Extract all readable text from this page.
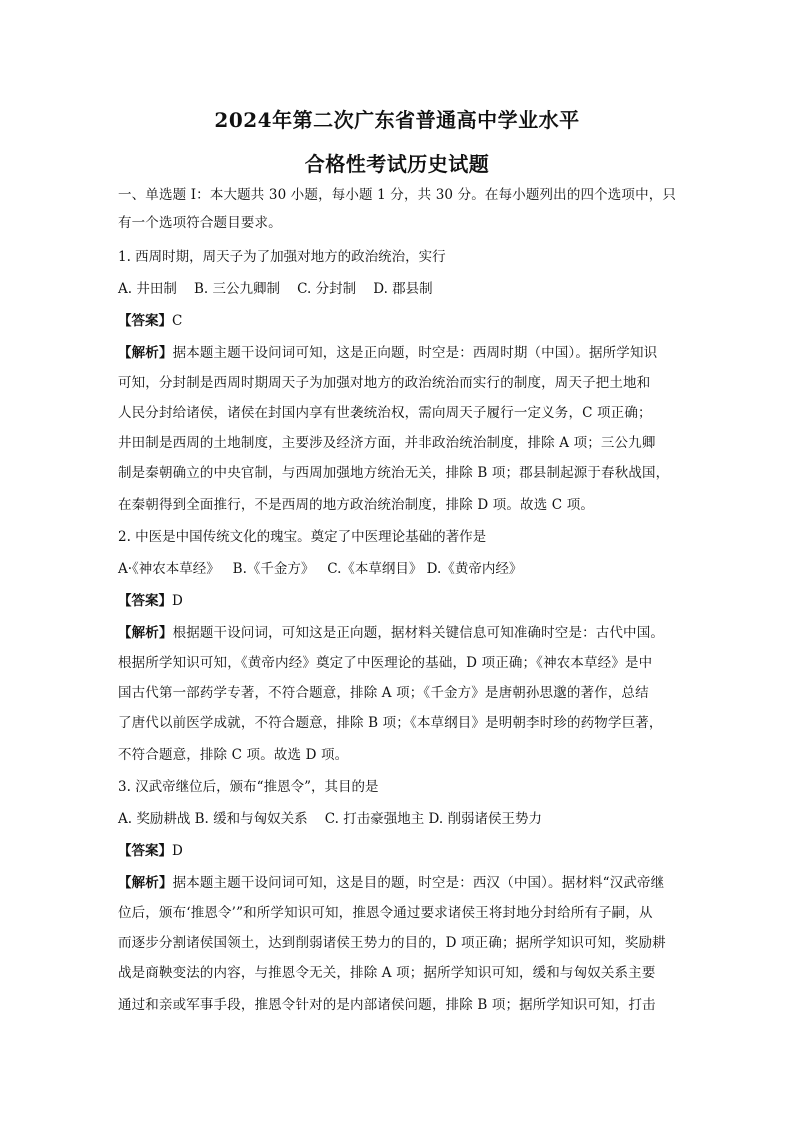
2024年第二次广东省普通高中学业水平
合格性考试历史试题
一、单选题 I：本大题共 30 小题，每小题 1 分，共 30 分。在每小题列出的四个选项中，只
有一个选项符合题目要求。
1. 西周时期，周天子为了加强对地方的政治统治，实行
A. 井田制    B. 三公九卿制    C. 分封制    D. 郡县制
【答案】C
【解析】据本题主题干设问词可知，这是正向题，时空是：西周时期（中国）。据所学知识
可知，分封制是西周时期周天子为加强对地方的政治统治而实行的制度，周天子把土地和
人民分封给诸侯，诸侯在封国内享有世袭统治权，需向周天子履行一定义务，C 项正确；
井田制是西周的土地制度，主要涉及经济方面，并非政治统治制度，排除 A 项；三公九卿
制是秦朝确立的中央官制，与西周加强地方统治无关，排除 B 项；郡县制起源于春秋战国，
在秦朝得到全面推行，不是西周的地方政治统治制度，排除 D 项。故选 C 项。
2. 中医是中国传统文化的瑰宝。奠定了中医理论基础的著作是
A·《神农本草经》   B.《千金方》   C.《本草纲目》 D.《黄帝内经》
【答案】D
【解析】根据题干设问词，可知这是正向题，据材料关键信息可知准确时空是：古代中国。
根据所学知识可知，《黄帝内经》奠定了中医理论的基础，D 项正确；《神农本草经》是中
国古代第一部药学专著，不符合题意，排除 A 项；《千金方》是唐朝孙思邈的著作，总结
了唐代以前医学成就，不符合题意，排除 B 项；《本草纲目》是明朝李时珍的药物学巨著，
不符合题意，排除 C 项。故选 D 项。
3. 汉武帝继位后，颁布“推恩令”，其目的是
A. 奖励耕战 B. 缓和与匈奴关系    C. 打击豪强地主 D. 削弱诸侯王势力
【答案】D
【解析】据本题主题干设问词可知，这是目的题，时空是：西汉（中国）。据材料“汉武帝继
位后，颁布‘推恩令’”和所学知识可知，推恩令通过要求诸侯王将封地分封给所有子嗣，从
而逐步分割诸侯国领土，达到削弱诸侯王势力的目的，D 项正确；据所学知识可知，奖励耕
战是商鞅变法的内容，与推恩令无关，排除 A 项；据所学知识可知，缓和与匈奴关系主要
通过和亲或军事手段，推恩令针对的是内部诸侯问题，排除 B 项；据所学知识可知，打击
